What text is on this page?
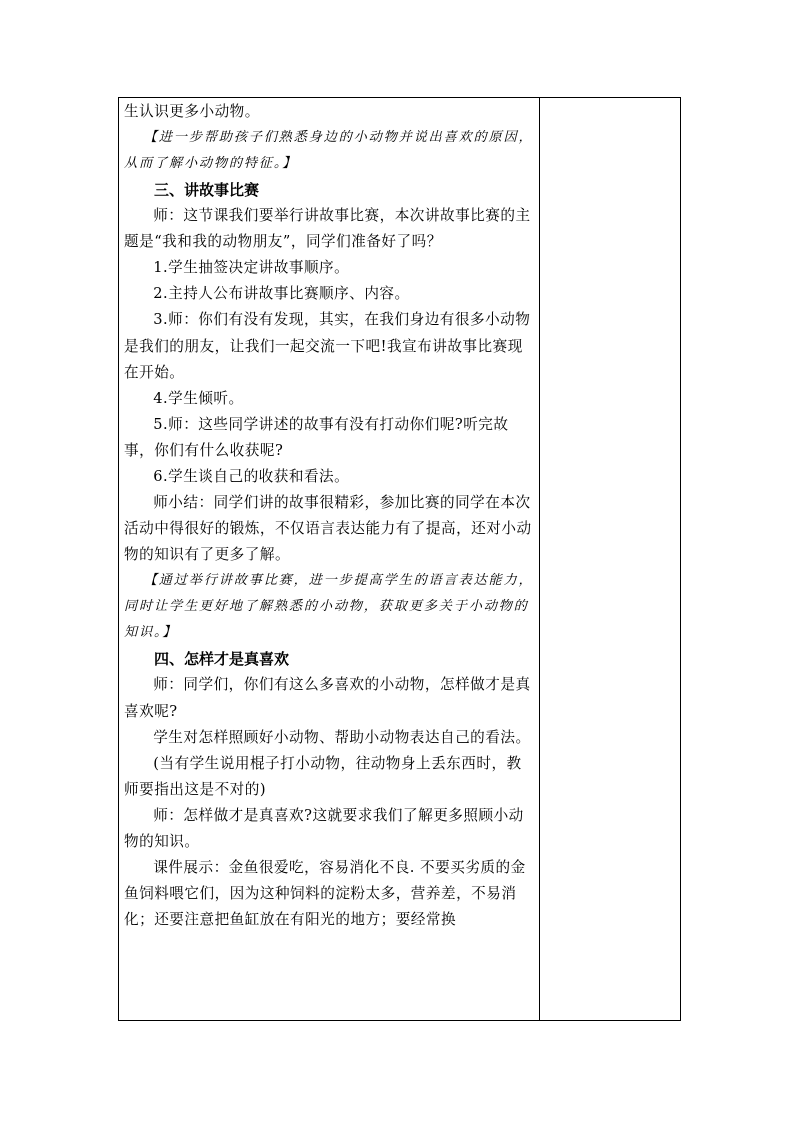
生认识更多小动物。

【进一步帮助孩子们熟悉身边的小动物并说出喜欢的原因，从而了解小动物的特征。】

三、讲故事比赛

师：这节课我们要举行讲故事比赛，本次讲故事比赛的主题是“我和我的动物朋友”，同学们准备好了吗？

1.学生抽签决定讲故事顺序。

2.主持人公布讲故事比赛顺序、内容。

3.师：你们有没有发现，其实，在我们身边有很多小动物是我们的朋友，让我们一起交流一下吧!我宣布讲故事比赛现在开始。

4.学生倾听。

5.师：这些同学讲述的故事有没有打动你们呢?听完故事，你们有什么收获呢?

6.学生谈自己的收获和看法。

师小结：同学们讲的故事很精彩，参加比赛的同学在本次活动中得很好的锻炼，不仅语言表达能力有了提高，还对小动物的知识有了更多了解。

【通过举行讲故事比赛，进一步提高学生的语言表达能力，同时让学生更好地了解熟悉的小动物，获取更多关于小动物的知识。】

四、怎样才是真喜欢

师：同学们，你们有这么多喜欢的小动物，怎样做才是真喜欢呢?

学生对怎样照顾好小动物、帮助小动物表达自己的看法。

(当有学生说用棍子打小动物，往动物身上丢东西时，教师要指出这是不对的)

师：怎样做才是真喜欢?这就要求我们了解更多照顾小动物的知识。

课件展示：金鱼很爱吃，容易消化不良. 不要买劣质的金鱼饲料喂它们，因为这种饲料的淀粉太多，营养差，不易消化；还要注意把鱼缸放在有阳光的地方；要经常换
